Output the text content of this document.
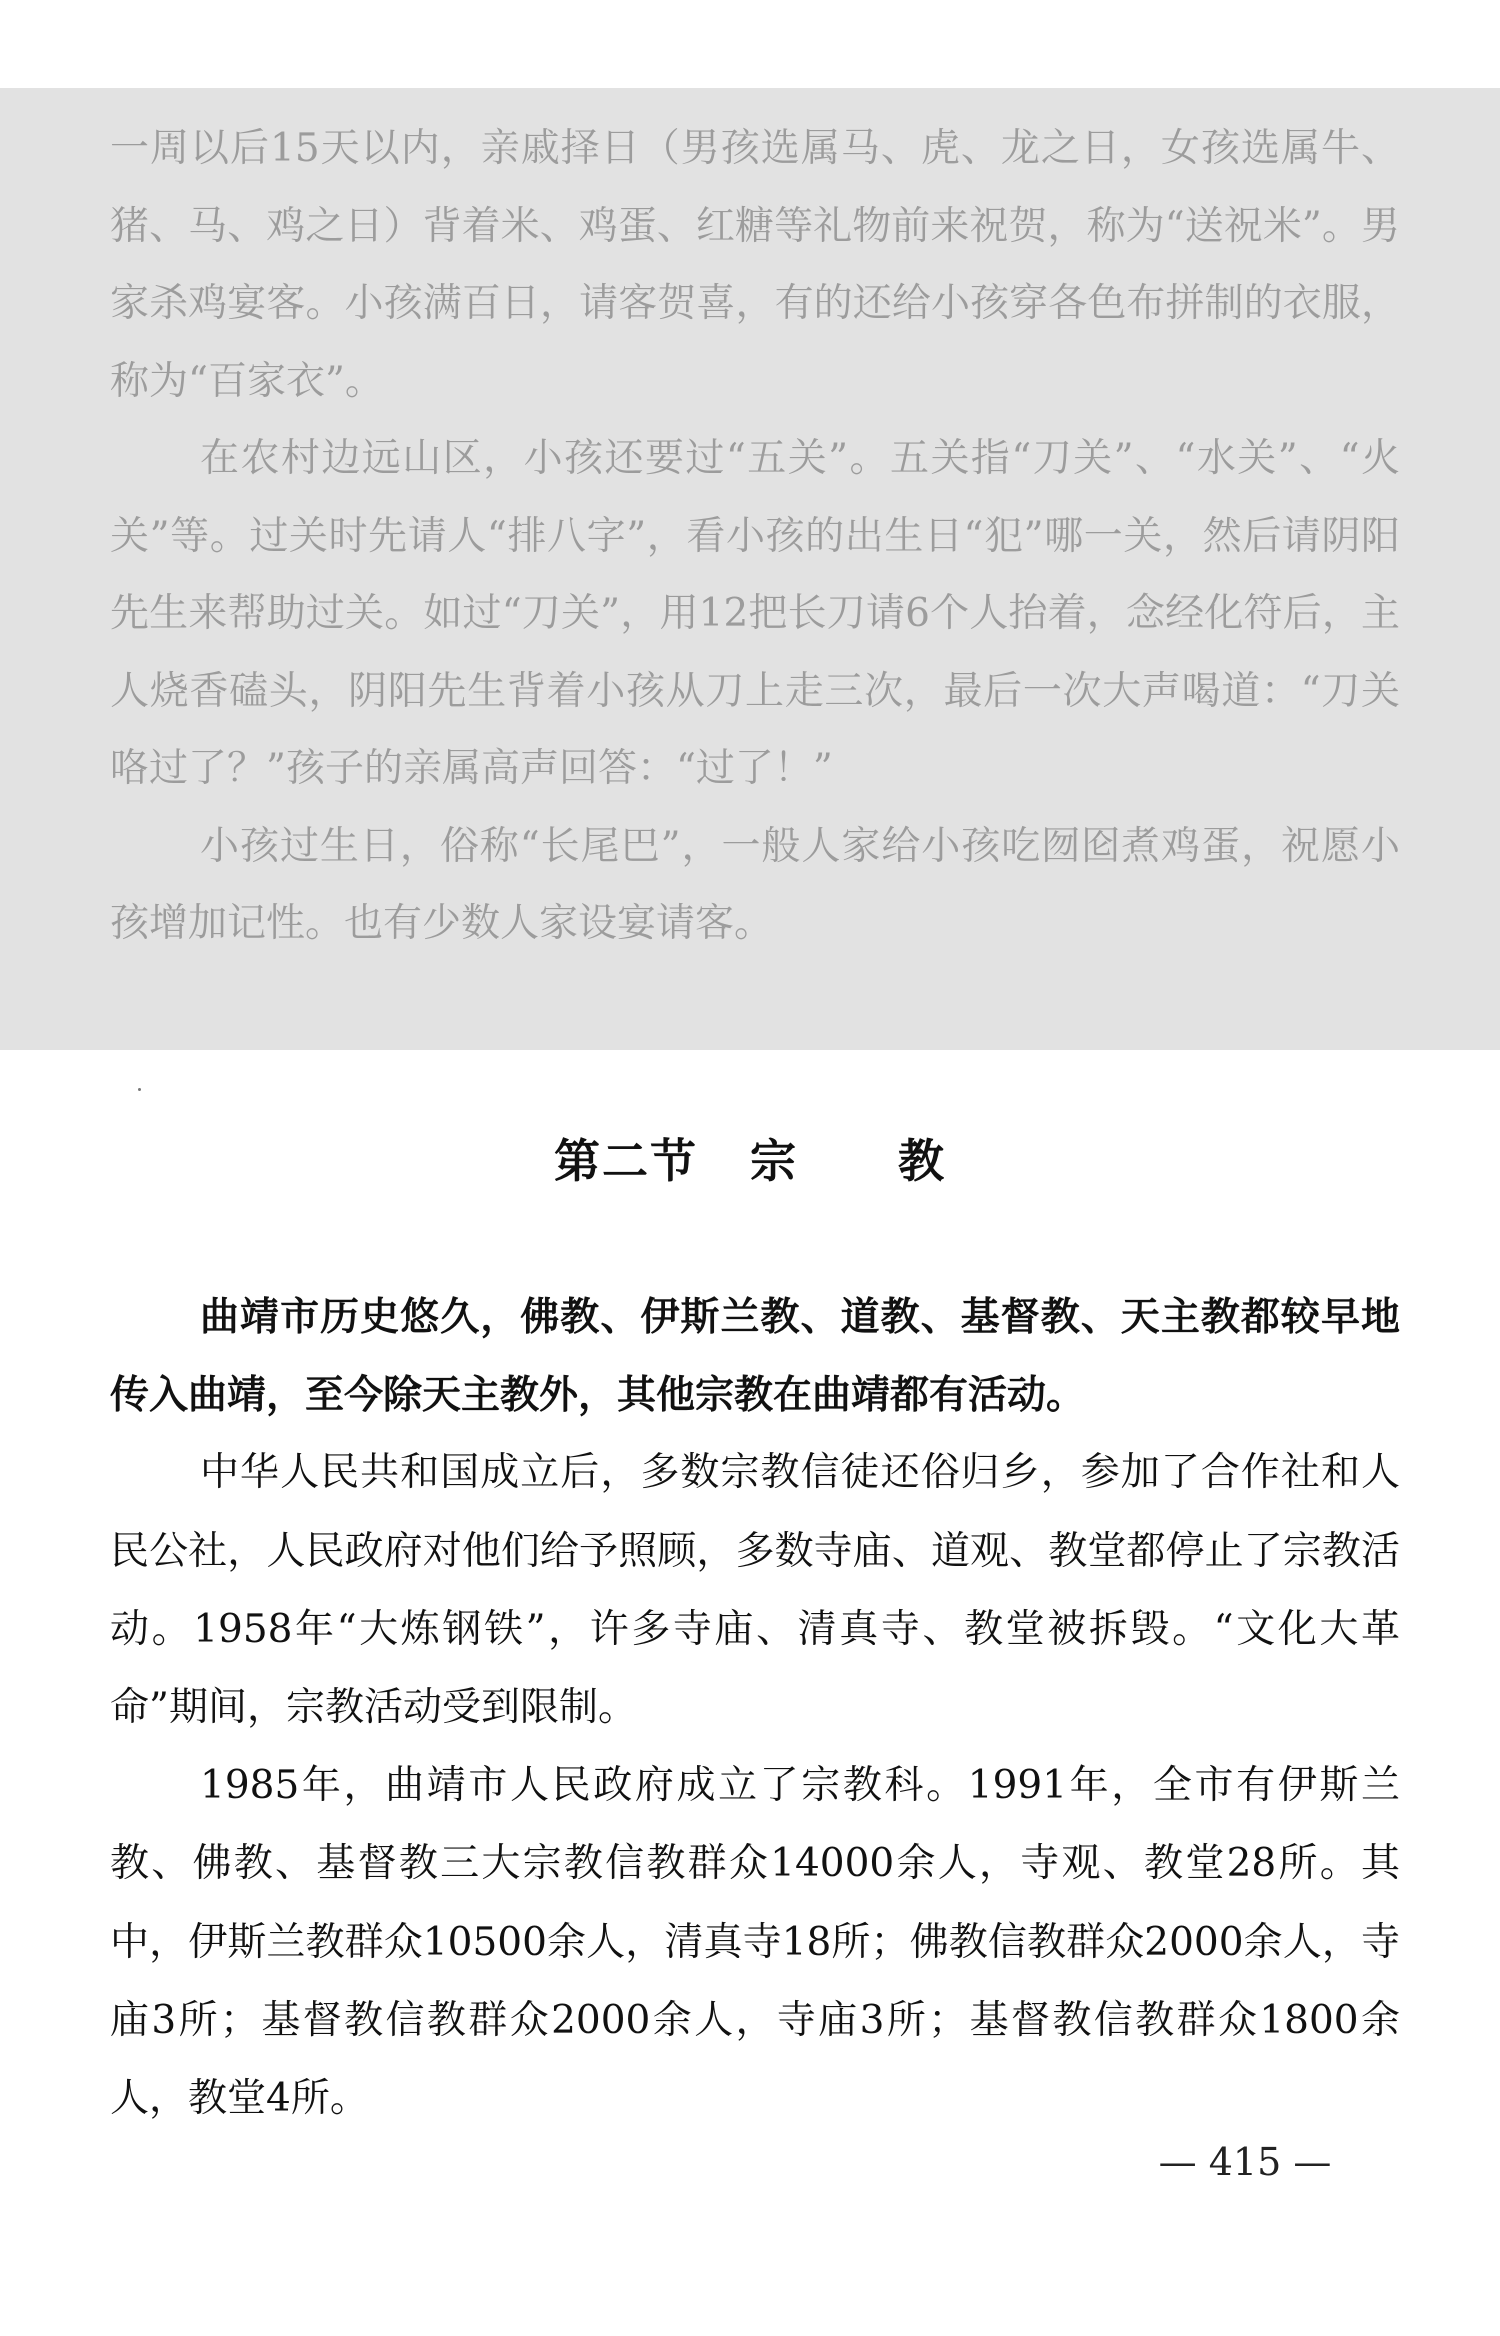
一周以后15天以内，亲戚择日（男孩选属马、虎、龙之日，女孩选属牛、猪、马、鸡之日）背着米、鸡蛋、红糖等礼物前来祝贺，称为“送祝米”。男家杀鸡宴客。小孩满百日，请客贺喜，有的还给小孩穿各色布拼制的衣服，称为“百家衣”。

在农村边远山区，小孩还要过“五关”。五关指“刀关”、“水关”、“火关”等。过关时先请人“排八字”，看小孩的出生日“犯”哪一关，然后请阴阳先生来帮助过关。如过“刀关”，用12把长刀请6个人抬着，念经化符后，主人烧香磕头，阴阳先生背着小孩从刀上走三次，最后一次大声喝道：“刀关咯过了？”孩子的亲属高声回答：“过了！”

小孩过生日，俗称“长尾巴”，一般人家给小孩吃囫囵煮鸡蛋，祝愿小孩增加记性。也有少数人家设宴请客。

第二节 宗 教

曲靖市历史悠久，佛教、伊斯兰教、道教、基督教、天主教都较早地传入曲靖，至今除天主教外，其他宗教在曲靖都有活动。

中华人民共和国成立后，多数宗教信徒还俗归乡，参加了合作社和人民公社，人民政府对他们给予照顾，多数寺庙、道观、教堂都停止了宗教活动。1958年“大炼钢铁”，许多寺庙、清真寺、教堂被拆毁。“文化大革命”期间，宗教活动受到限制。

1985年，曲靖市人民政府成立了宗教科。1991年，全市有伊斯兰教、佛教、基督教三大宗教信教群众14000余人，寺观、教堂28所。其中，伊斯兰教群众10500余人，清真寺18所；佛教信教群众2000余人，寺庙3所；基督教信教群众2000余人，寺庙3所；基督教信教群众1800余人，教堂4所。

— 415 —
